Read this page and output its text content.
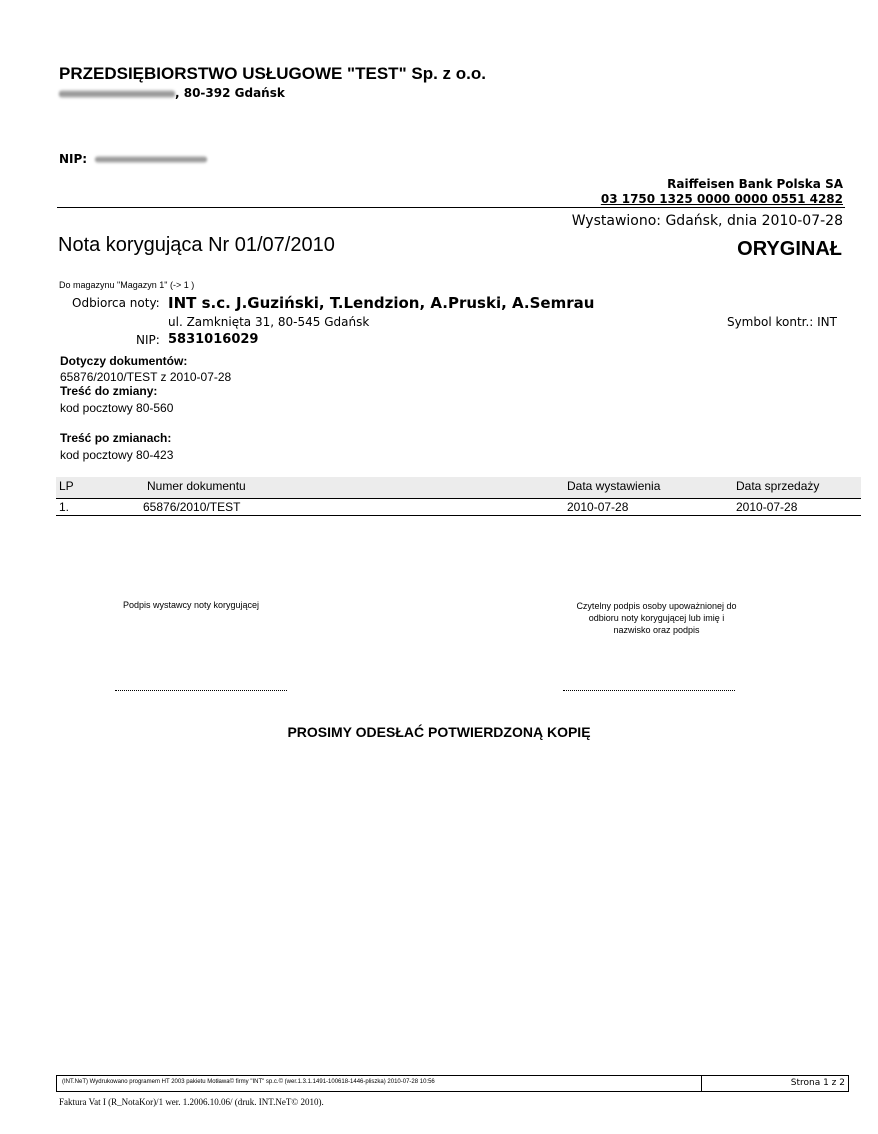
PRZEDSIĘBIORSTWO USŁUGOWE "TEST" Sp. z o.o.
, 80-392 Gdańsk
NIP:
Raiffeisen Bank Polska SA
03 1750 1325 0000 0000 0551 4282
Wystawiono: Gdańsk, dnia 2010-07-28
Nota korygująca Nr 01/07/2010	ORYGINAŁ
Do magazynu "Magazyn 1" (-> 1 )
Odbiorca noty: INT s.c. J.Guziński, T.Lendzion, A.Pruski, A.Semrau
ul. Zamknięta 31, 80-545 Gdańsk	Symbol kontr.: INT
NIP: 5831016029
Dotyczy dokumentów:
65876/2010/TEST z 2010-07-28
Treść do zmiany:
kod pocztowy 80-560
Treść po zmianach:
kod pocztowy 80-423
LP	Numer dokumentu	Data wystawienia	Data sprzedaży
1.	65876/2010/TEST	2010-07-28	2010-07-28
Podpis wystawcy noty korygującej	Czytelny podpis osoby upoważnionej do
odbioru noty korygującej lub imię i
nazwisko oraz podpis
PROSIMY ODESŁAĆ POTWIERDZONĄ KOPIĘ
(INT.NeT) Wydrukowano programem HT 2003 pakietu Motława© firmy "INT" sp.c.© (wer.1.3.1.1491-100618-1446-pliszka) 2010-07-28 10:56	Strona 1 z 2
Faktura Vat I (R_NotaKor)/1 wer. 1.2006.10.06/ (druk. INT.NeT© 2010).
